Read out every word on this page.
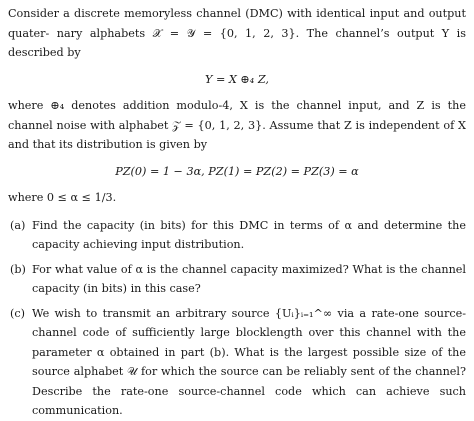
Consider a discrete memoryless channel (DMC) with identical input and output quater- nary alphabets 𝒳 = 𝒴 = {0, 1, 2, 3}. The channel’s output Y is described by

Y = X ⊕₄ Z,

where ⊕₄ denotes addition modulo-4, X is the channel input, and Z is the channel noise with alphabet 𝒵 = {0, 1, 2, 3}. Assume that Z is independent of X and that its distribution is given by

P𝑍(0) = 1 − 3α, P𝑍(1) = P𝑍(2) = P𝑍(3) = α

where 0 ≤ α ≤ 1/3.

(a) Find the capacity (in bits) for this DMC in terms of α and determine the capacity achieving input distribution.
(b) For what value of α is the channel capacity maximized? What is the channel capacity (in bits) in this case?
(c) We wish to transmit an arbitrary source {Uᵢ}ᵢ₌₁^∞ via a rate-one source-channel code of sufficiently large blocklength over this channel with the parameter α obtained in part (b). What is the largest possible size of the source alphabet 𝒰 for which the source can be reliably sent of the channel? Describe the rate-one source-channel code which can achieve such communication.
